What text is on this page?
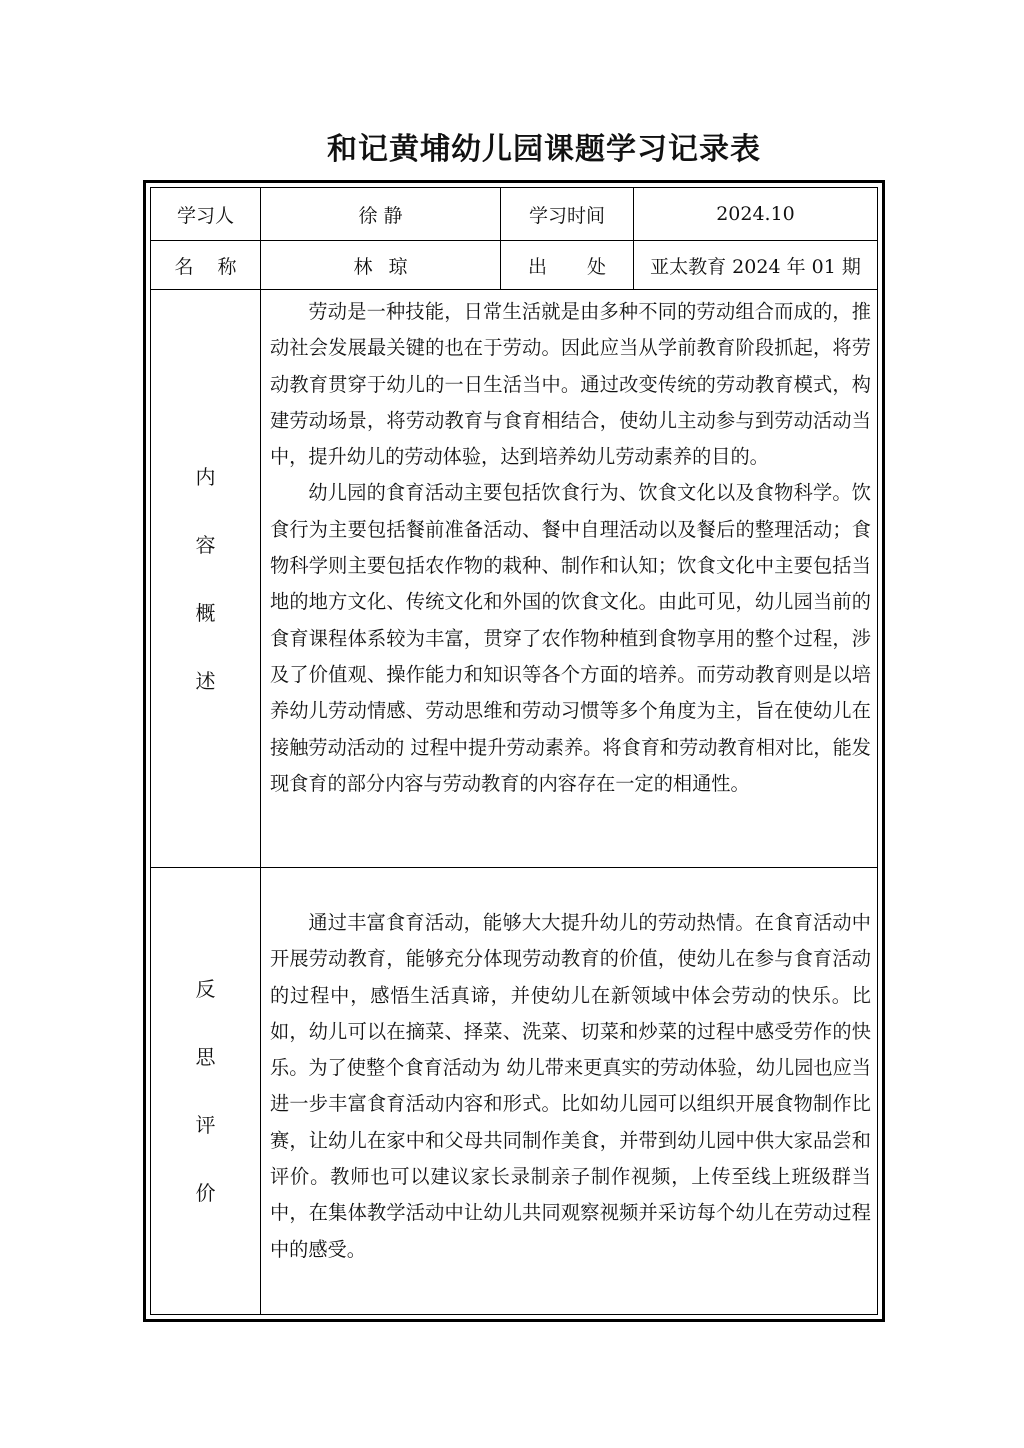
和记黄埔幼儿园课题学习记录表
学习人	徐 静	学习时间	2024.10
名 称	林 琼	出 处	亚太教育 2024 年 01 期
内
容
概
述

劳动是一种技能，日常生活就是由多种不同的劳动组合而成的，推动社会发展最关键的也在于劳动。因此应当从学前教育阶段抓起，将劳动教育贯穿于幼儿的一日生活当中。通过改变传统的劳动教育模式，构建劳动场景，将劳动教育与食育相结合，使幼儿主动参与到劳动活动当中，提升幼儿的劳动体验，达到培养幼儿劳动素养的目的。

幼儿园的食育活动主要包括饮食行为、饮食文化以及食物科学。饮食行为主要包括餐前准备活动、餐中自理活动以及餐后的整理活动；食物科学则主要包括农作物的栽种、制作和认知；饮食文化中主要包括当地的地方文化、传统文化和外国的饮食文化。由此可见，幼儿园当前的食育课程体系较为丰富，贯穿了农作物种植到食物享用的整个过程，涉及了价值观、操作能力和知识等各个方面的培养。而劳动教育则是以培养幼儿劳动情感、劳动思维和劳动习惯等多个角度为主，旨在使幼儿在接触劳动活动的 过程中提升劳动素养。将食育和劳动教育相对比，能发现食育的部分内容与劳动教育的内容存在一定的相通性。

反
思
评
价

通过丰富食育活动，能够大大提升幼儿的劳动热情。在食育活动中开展劳动教育，能够充分体现劳动教育的价值，使幼儿在参与食育活动的过程中，感悟生活真谛，并使幼儿在新领域中体会劳动的快乐。比如，幼儿可以在摘菜、择菜、洗菜、切菜和炒菜的过程中感受劳作的快乐。为了使整个食育活动为 幼儿带来更真实的劳动体验，幼儿园也应当进一步丰富食育活动内容和形式。比如幼儿园可以组织开展食物制作比赛，让幼儿在家中和父母共同制作美食，并带到幼儿园中供大家品尝和评价。教师也可以建议家长录制亲子制作视频，上传至线上班级群当中，在集体教学活动中让幼儿共同观察视频并采访每个幼儿在劳动过程中的感受。
